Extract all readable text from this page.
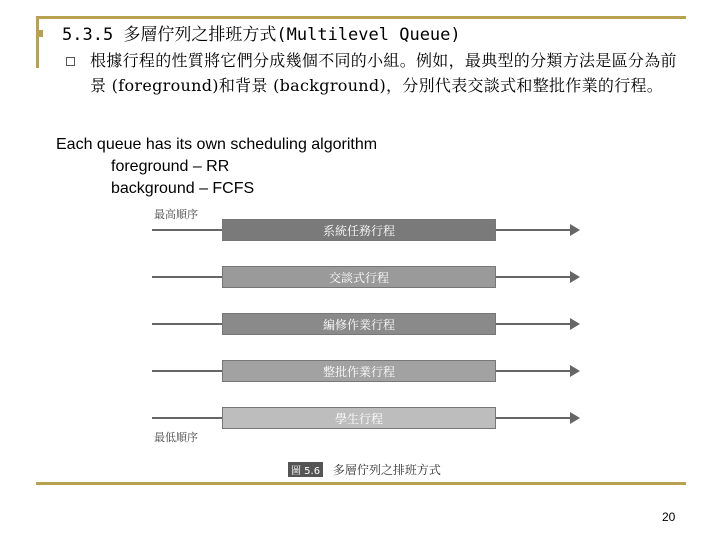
5.3.5 多層佇列之排班方式(Multilevel Queue)
根據行程的性質將它們分成幾個不同的小組。例如，最典型的分類方法是區分為前景 (foreground)和背景 (background)，分別代表交談式和整批作業的行程。
Each queue has its own scheduling algorithm
foreground – RR
background – FCFS
最高順序
系統任務行程
交談式行程
編修作業行程
整批作業行程
學生行程
最低順序
圖 5.6 多層佇列之排班方式
20
